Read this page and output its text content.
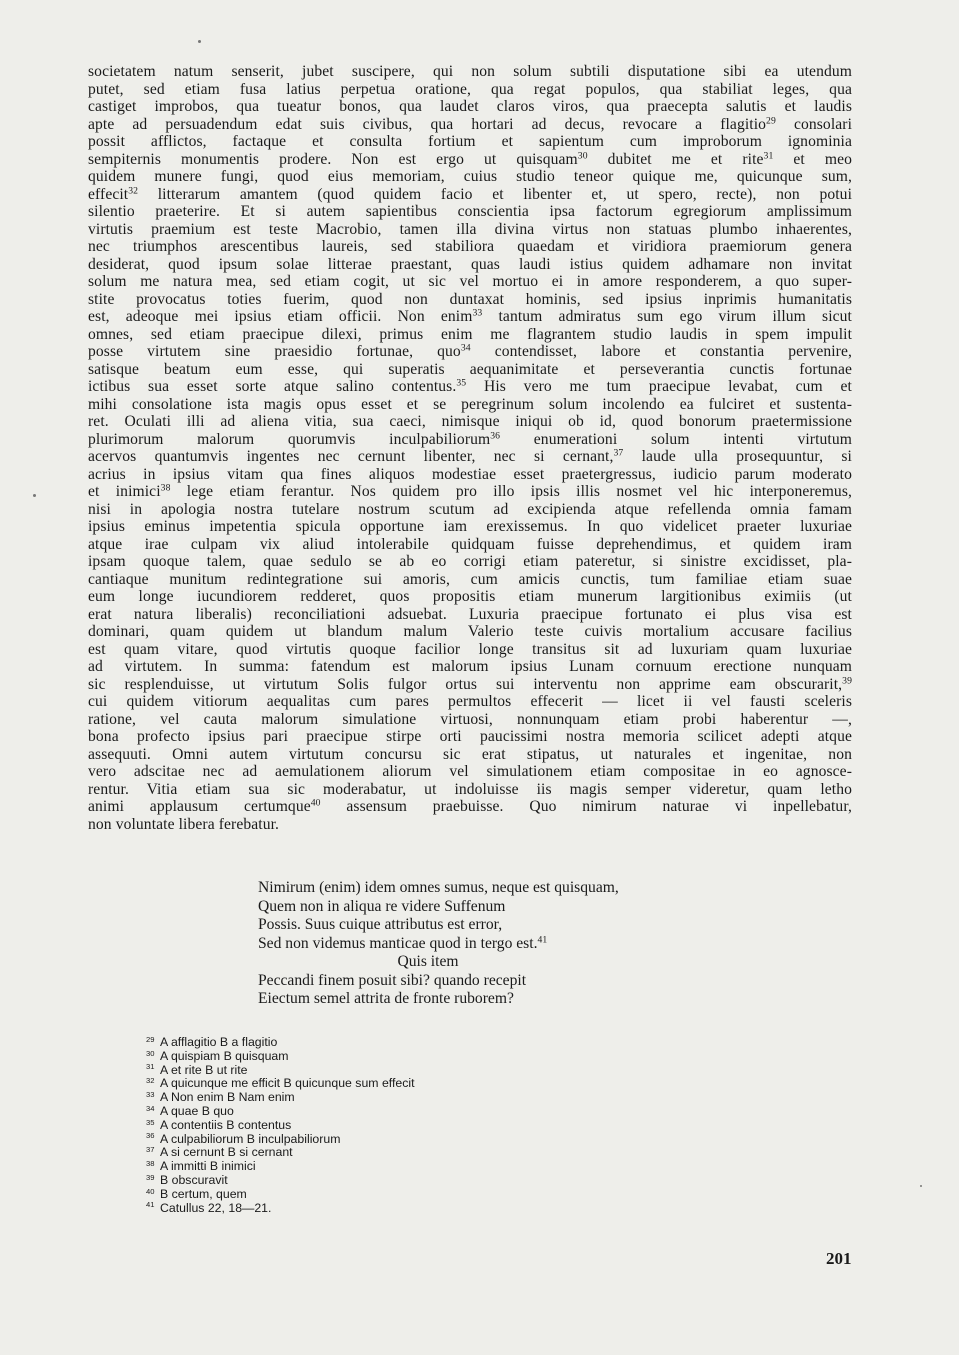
societatem natum senserit, jubet suscipere, qui non solum subtili disputatione sibi ea utendum
putet, sed etiam fusa latius perpetua oratione, qua regat populos, qua stabiliat leges, qua
castiget improbos, qua tueatur bonos, qua laudet claros viros, qua praecepta salutis et laudis
apte ad persuadendum edat suis civibus, qua hortari ad decus, revocare a flagitio$^{29}$ consolari
possit afflictos, factaque et consulta fortium et sapientum cum improborum ignominia
sempiternis monumentis prodere. Non est ergo ut quisquam$^{30}$ dubitet me et rite$^{31}$ et meo
quidem munere fungi, quod eius memoriam, cuius studio teneor quique me, quicunque sum,
effecit$^{32}$ litterarum amantem (quod quidem facio et libenter et, ut spero, recte), non potui
silentio praeterire. Et si autem sapientibus conscientia ipsa factorum egregiorum amplissimum
virtutis praemium est teste Macrobio, tamen illa divina virtus non statuas plumbo inhaerentes,
nec triumphos arescentibus laureis, sed stabiliora quaedam et viridiora praemiorum genera
desiderat, quod ipsum solae litterae praestant, quas laudi istius quidem adhamare non invitat
solum me natura mea, sed etiam cogit, ut sic vel mortuo ei in amore responderem, a quo super-
stite provocatus toties fuerim, quod non duntaxat hominis, sed ipsius inprimis humanitatis
est, adeoque mei ipsius etiam officii. Non enim$^{33}$ tantum admiratus sum ego virum illum sicut
omnes, sed etiam praecipue dilexi, primus enim me flagrantem studio laudis in spem impulit
posse virtutem sine praesidio fortunae, quo$^{34}$ contendisset, labore et constantia pervenire,
satisque beatum eum esse, qui superatis aequanimitate et perseverantia cunctis fortunae
ictibus sua esset sorte atque salino contentus.$^{35}$ His vero me tum praecipue levabat, cum et
mihi consolatione ista magis opus esset et se peregrinum solum incolendo ea fulciret et sustenta-
ret. Oculati illi ad aliena vitia, sua caeci, nimisque iniqui ob id, quod bonorum praetermissione
plurimorum malorum quorumvis inculpabiliorum$^{36}$ enumerationi solum intenti virtutum
acervos quantumvis ingentes nec cernunt libenter, nec si cernant,$^{37}$ laude ulla prosequuntur, si
acrius in ipsius vitam qua fines aliquos modestiae esset praetergressus, iudicio parum moderato
et inimici$^{38}$ lege etiam ferantur. Nos quidem pro illo ipsis illis nosmet vel hic interponeremus,
nisi in apologia nostra tutelare nostrum scutum ad excipienda atque refellenda omnia famam
ipsius eminus impetentia spicula opportune iam erexissemus. In quo videlicet praeter luxuriae
atque irae culpam vix aliud intolerabile quidquam fuisse deprehendimus, et quidem iram
ipsam quoque talem, quae sedulo se ab eo corrigi etiam pateretur, si sinistre excidisset, pla-
cantiaque munitum redintegratione sui amoris, cum amicis cunctis, tum familiae etiam suae
eum longe iucundiorem redderet, quos propositis etiam munerum largitionibus eximiis (ut
erat natura liberalis) reconciliationi adsuebat. Luxuria praecipue fortunato ei plus visa est
dominari, quam quidem ut blandum malum Valerio teste cuivis mortalium accusare facilius
est quam vitare, quod virtutis quoque facilior longe transitus sit ad luxuriam quam luxuriae
ad virtutem. In summa: fatendum est malorum ipsius Lunam cornuum erectione nunquam
sic resplenduisse, ut virtutum Solis fulgor ortus sui interventu non apprime eam obscurarit,$^{39}$
cui quidem vitiorum aequalitas cum pares permultos effecerit — licet ii vel fausti sceleris
ratione, vel cauta malorum simulatione virtuosi, nonnunquam etiam probi haberentur —,
bona profecto ipsius pari praecipue stirpe orti paucissimi nostra memoria scilicet adepti atque
assequuti. Omni autem virtutum concursu sic erat stipatus, ut naturales et ingenitae, non
vero adscitae nec ad aemulationem aliorum vel simulationem etiam compositae in eo agnosce-
rentur. Vitia etiam sua sic moderabatur, ut indoluisse iis magis semper videretur, quam letho
animi applausum certumque$^{40}$ assensum praebuisse. Quo nimirum naturae vi inpellebatur,
non voluntate libera ferebatur.
Nimirum (enim) idem omnes sumus, neque est quisquam,
Quem non in aliqua re videre Suffenum
Possis. Suus cuique attributus est error,
Sed non videmus manticae quod in tergo est.$^{41}$
Quis item
Peccandi finem posuit sibi? quando recepit
Eiectum semel attrita de fronte ruborem?
$^{29}$ A afflagitio B a flagitio
$^{30}$ A quispiam B quisquam
$^{31}$ A et rite B ut rite
$^{32}$ A quicunque me efficit B quicunque sum effecit
$^{33}$ A Non enim B Nam enim
$^{34}$ A quae B quo
$^{35}$ A contentiis B contentus
$^{36}$ A culpabiliorum B inculpabiliorum
$^{37}$ A si cernunt B si cernant
$^{38}$ A immitti B inimici
$^{39}$ B obscuravit
$^{40}$ B certum, quem
$^{41}$ Catullus 22, 18—21.
201
